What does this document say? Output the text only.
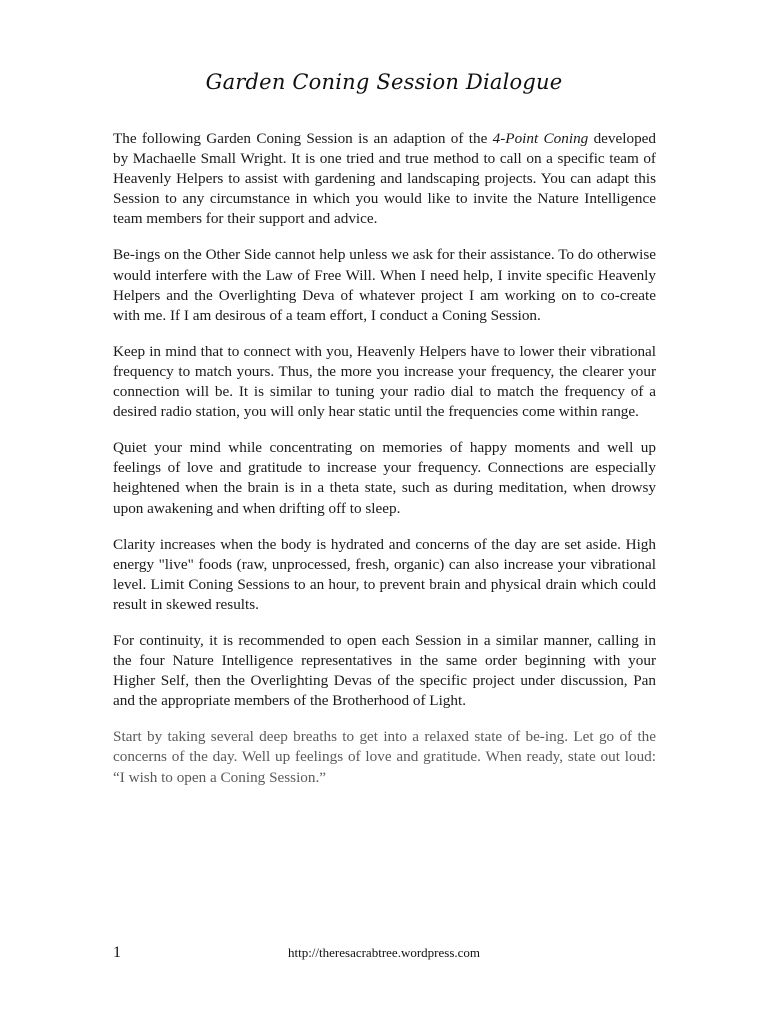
Garden Coning Session Dialogue

The following Garden Coning Session is an adaption of the 4-Point Coning developed by Machaelle Small Wright. It is one tried and true method to call on a specific team of Heavenly Helpers to assist with gardening and landscaping projects. You can adapt this Session to any circumstance in which you would like to invite the Nature Intelligence team members for their support and advice.

Be-ings on the Other Side cannot help unless we ask for their assistance. To do otherwise would interfere with the Law of Free Will. When I need help, I invite specific Heavenly Helpers and the Overlighting Deva of whatever project I am working on to co-create with me. If I am desirous of a team effort, I conduct a Coning Session.

Keep in mind that to connect with you, Heavenly Helpers have to lower their vibrational frequency to match yours. Thus, the more you increase your frequency, the clearer your connection will be. It is similar to tuning your radio dial to match the frequency of a desired radio station, you will only hear static until the frequencies come within range.

Quiet your mind while concentrating on memories of happy moments and well up feelings of love and gratitude to increase your frequency. Connections are especially heightened when the brain is in a theta state, such as during meditation, when drowsy upon awakening and when drifting off to sleep.

Clarity increases when the body is hydrated and concerns of the day are set aside. High energy "live" foods (raw, unprocessed, fresh, organic) can also increase your vibrational level. Limit Coning Sessions to an hour, to prevent brain and physical drain which could result in skewed results.

For continuity, it is recommended to open each Session in a similar manner, calling in the four Nature Intelligence representatives in the same order beginning with your Higher Self, then the Overlighting Devas of the specific project under discussion, Pan and the appropriate members of the Brotherhood of Light.

Start by taking several deep breaths to get into a relaxed state of be-ing. Let go of the concerns of the day. Well up feelings of love and gratitude. When ready, state out loud: “I wish to open a Coning Session.”

1	http://theresacrabtree.wordpress.com
